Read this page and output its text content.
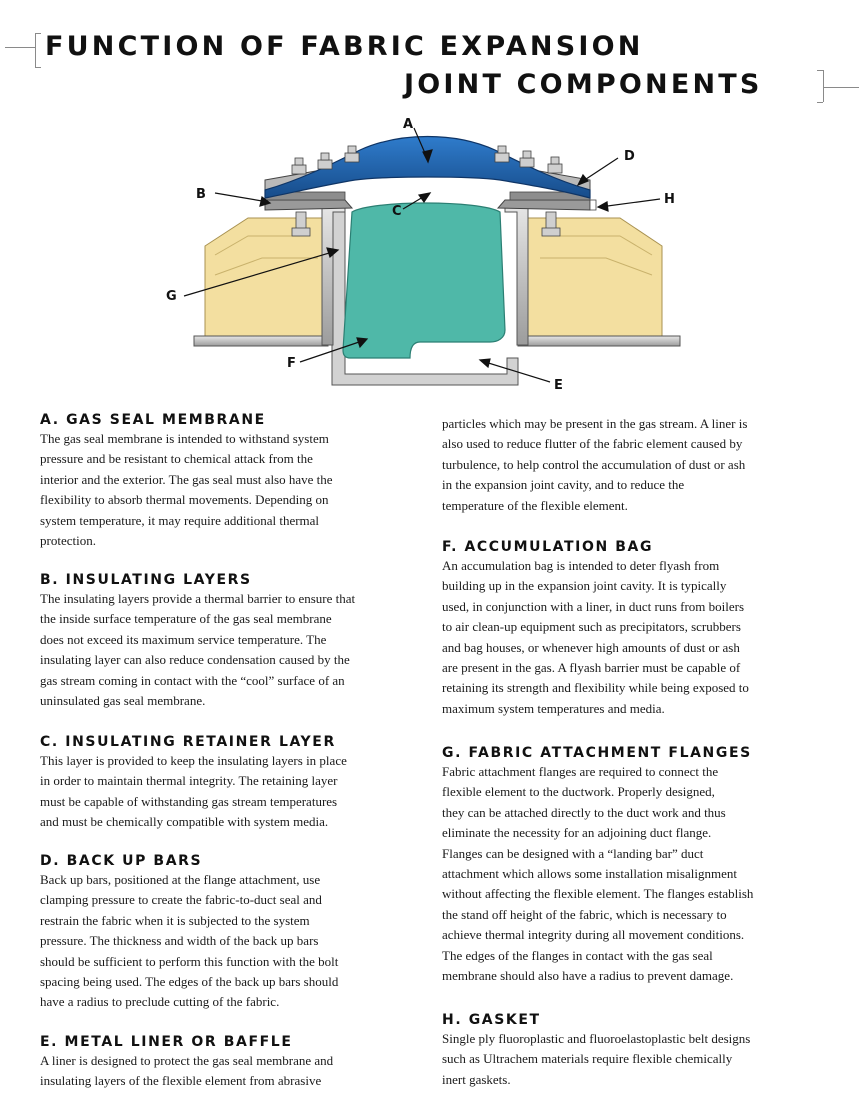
FUNCTION OF FABRIC EXPANSION
JOINT COMPONENTS
A
B
C
D
H
G
F
E
A. GAS SEAL MEMBRANE

The gas seal membrane is intended to withstand system
pressure and be resistant to chemical attack from the
interior and the exterior. The gas seal must also have the
flexibility to absorb thermal movements. Depending on
system temperature, it may require additional thermal
protection.

B. INSULATING LAYERS

The insulating layers provide a thermal barrier to ensure that
the inside surface temperature of the gas seal membrane
does not exceed its maximum service temperature. The
insulating layer can also reduce condensation caused by the
gas stream coming in contact with the “cool” surface of an
uninsulated gas seal membrane.

C. INSULATING RETAINER LAYER

This layer is provided to keep the insulating layers in place
in order to maintain thermal integrity. The retaining layer
must be capable of withstanding gas stream temperatures
and must be chemically compatible with system media.

D. BACK UP BARS

Back up bars, positioned at the flange attachment, use
clamping pressure to create the fabric-to-duct seal and
restrain the fabric when it is subjected to the system
pressure. The thickness and width of the back up bars
should be sufficient to perform this function with the bolt
spacing being used. The edges of the back up bars should
have a radius to preclude cutting of the fabric.

E. METAL LINER OR BAFFLE

A liner is designed to protect the gas seal membrane and
insulating layers of the flexible element from abrasive

particles which may be present in the gas stream. A liner is
also used to reduce flutter of the fabric element caused by
turbulence, to help control the accumulation of dust or ash
in the expansion joint cavity, and to reduce the
temperature of the flexible element.

F. ACCUMULATION BAG

An accumulation bag is intended to deter flyash from
building up in the expansion joint cavity. It is typically
used, in conjunction with a liner, in duct runs from boilers
to air clean-up equipment such as precipitators, scrubbers
and bag houses, or whenever high amounts of dust or ash
are present in the gas. A flyash barrier must be capable of
retaining its strength and flexibility while being exposed to
maximum system temperatures and media.

G. FABRIC ATTACHMENT FLANGES

Fabric attachment flanges are required to connect the
flexible element to the ductwork. Properly designed,
they can be attached directly to the duct work and thus
eliminate the necessity for an adjoining duct flange.
Flanges can be designed with a “landing bar” duct
attachment which allows some installation misalignment
without affecting the flexible element. The flanges establish
the stand off height of the fabric, which is necessary to
achieve thermal integrity during all movement conditions.
The edges of the flanges in contact with the gas seal
membrane should also have a radius to prevent damage.

H. GASKET

Single ply fluoroplastic and fluoroelastoplastic belt designs
such as Ultrachem materials require flexible chemically
inert gaskets.
